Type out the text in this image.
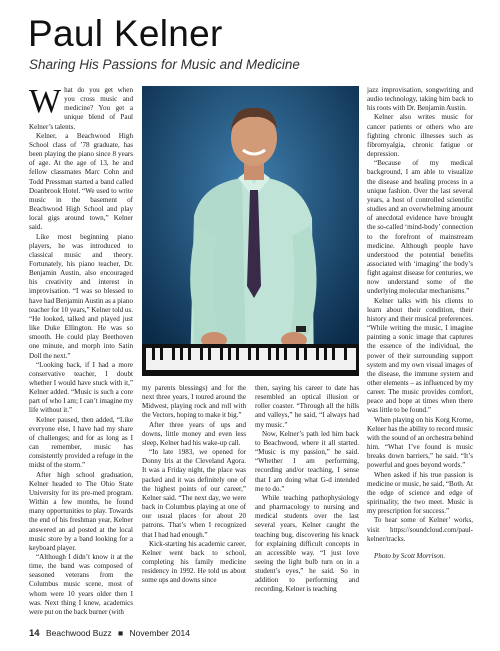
Paul Kelner
Sharing His Passions for Music and Medicine

What do you get when you cross music and medicine? You get a unique blend of Paul Kelner’s talents.

Kelner, a Beachwood High School class of ’78 graduate, has been playing the piano since 8 years of age. At the age of 13, he and fellow classmates Marc Cohn and Todd Pressman started a band called Doanbrook Hotel. “We used to write music in the basement of Beachwood High School and play local gigs around town,” Kelner said.

Like most beginning piano players, he was introduced to classical music and theory. Fortunately, his piano teacher, Dr. Benjamin Austin, also encouraged his creativity and interest in improvisation. “I was so blessed to have had Benjamin Austin as a piano teacher for 10 years,” Kelner told us. “He looked, talked and played just like Duke Ellington. He was so smooth. He could play Beethoven one minute, and morph into Satin Doll the next.”

“Looking back, if I had a more conservative teacher, I doubt whether I would have stuck with it,” Kelner added. “Music is such a core part of who I am; I can’t imagine my life without it.”

Kelner paused, then added, “Like everyone else, I have had my share of challenges; and for as long as I can remember, music has consistently provided a refuge in the midst of the storm.”

After high school graduation, Kelner headed to The Ohio State University for its pre-med program. Within a few months, he found many opportunities to play. Towards the end of his freshman year, Kelner answered an ad posted at the local music store by a band looking for a keyboard player.

“Although I didn’t know it at the time, the band was composed of seasoned veterans from the Columbus music scene, most of whom were 10 years older then I was. Next thing I knew, academics were put on the back burner (with

my parents blessings) and for the next three years, I toured around the Midwest, playing rock and roll with the Vectors, hoping to make it big.”

After three years of ups and downs, little money and even less sleep, Kelner had his wake-up call.

“In late 1983, we opened for Donny Iris at the Cleveland Agora. It was a Friday night, the place was packed and it was definitely one of the highest points of our career,” Kelner said. “The next day, we were back in Columbus playing at one of our usual places for about 20 patrons. That’s when I recognized that I had had enough.”

Kick-starting his academic career, Kelner went back to school, completing his family medicine residency in 1992. He told us about some ups and downs since

then, saying his career to date has resembled an optical illusion or roller coaster. “Through all the hills and valleys,” he said, “I always had my music.”

Now, Kelner’s path led him back to Beachwood, where it all started. “Music is my passion,” he said. “Whether I am performing, recording and/or teaching, I sense that I am doing what G-d intended me to do.”

While teaching pathophysiology and pharmacology to nursing and medical students over the last several years, Kelner caught the teaching bug, discovering his knack for explaining difficult concepts in an accessible way. “I just love seeing the light bulb turn on in a student’s eyes,” he said. So in addition to performing and recording, Kelner is teaching

jazz improvisation, songwriting and audio technology, taking him back to his roots with Dr. Benjamin Austin.

Kelner also writes music for cancer patients or others who are fighting chronic illnesses such as fibromyalgia, chronic fatigue or depression.

“Because of my medical background, I am able to visualize the disease and healing process in a unique fashion. Over the last several years, a host of controlled scientific studies and an overwhelming amount of anecdotal evidence have brought the so-called ‘mind-body’ connection to the forefront of mainstream medicine. Although people have understood the potential benefits associated with ‘imaging’ the body’s fight against disease for centuries, we now understand some of the underlying molecular mechanisms.”

Kelner talks with his clients to learn about their condition, their history and their musical preferences. “While writing the music, I imagine painting a sonic image that captures the essence of the individual, the power of their surrounding support system and my own visual images of the disease, the immune system and other elements – as influenced by my career. The music provides comfort, peace and hope at times when there was little to be found.”

When playing on his Korg Krome, Kelner has the ability to record music with the sound of an orchestra behind him. “What I’ve found is music breaks down barriers,” he said. “It’s powerful and goes beyond words.”

When asked if his true passion is medicine or music, he said, “Both. At the edge of science and edge of spirituality, the two meet. Music is my prescription for success.”

To hear some of Kelner’ works, visit https://soundcloud.com/paul-kelner/tracks.

Photo by Scott Morrison.

14 Beachwood Buzz ■ November 2014
